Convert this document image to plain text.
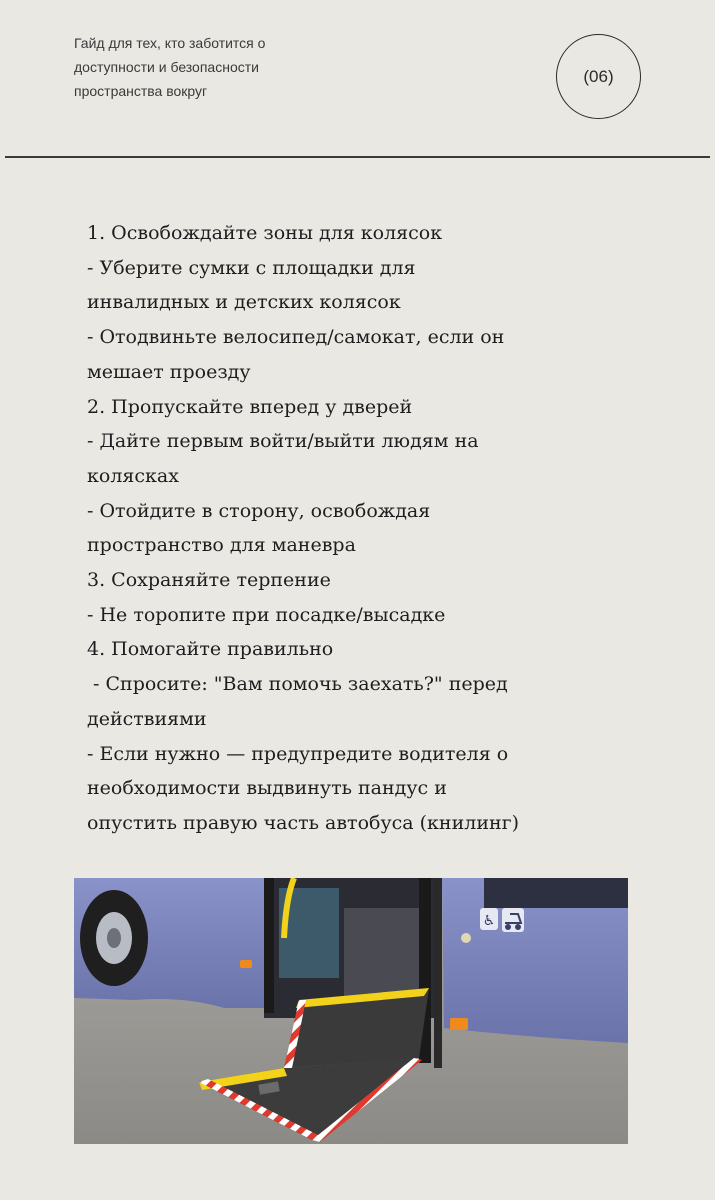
Гайд для тех, кто заботится о
доступности и безопасности
пространства вокруг
(06)
1. Освобождайте зоны для колясок
- Уберите сумки с площадки для
инвалидных и детских колясок
- Отодвиньте велосипед/самокат, если он
мешает проезду
2. Пропускайте вперед у дверей
- Дайте первым войти/выйти людям на
колясках
- Отойдите в сторону, освобождая
пространство для маневра
3. Сохраняйте терпение
- Не торопите при посадке/высадке
4. Помогайте правильно
- Спросите: "Вам помочь заехать?" перед
действиями
- Если нужно — предупредите водителя о
необходимости выдвинуть пандус и
опустить правую часть автобуса (книлинг)
♿
